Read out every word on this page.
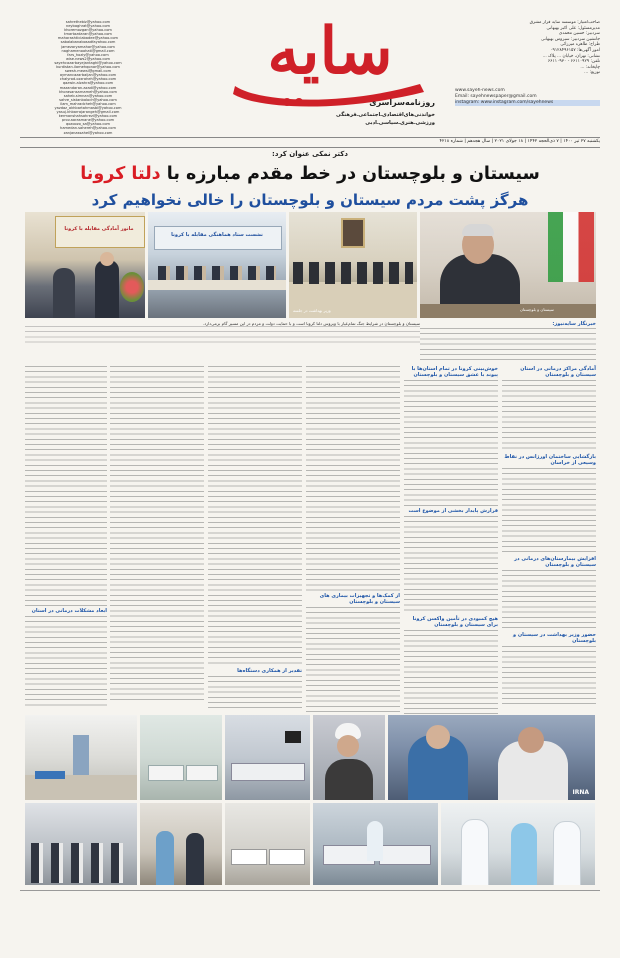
صاحب‌امتیاز: موسسه سایه فراز مشرق
مدیرمسئول: علی اکبر بهبهانی
سردبیر: حسین محمدی
جانشین سردبیر: سیروس بهبهانی
طراح: طاهره میرزائی
امور آگهی‌ها: ۰۹۱۲۸۴۹۶۱۵۷
نشانی: تهران، خیابان ... پلاک ...
تلفن: ۶۶۱۱۰۹۲۹ - ۶۶۱۱۰۹۳۰
چاپخانه: ...
توزیع: ...
www.sayeh-news.com
Email: sayehnewspaper@gmail.com
instagram: www.instagram.com/sayehnews
سایه
روزنامه‌سراسری
خواندنی‌های‌اقتصادی‌ـ‌اجتماعی‌ـ‌فرهنگی
ورزشی‌ـ‌هنری‌ـ‌سیاسی‌ـ‌ادبی
sahrethebiz@yahoo.com
neybaghrat@yahoo.com
khoremozgan@yahoo.com
tmartazdaran@yahoo.com
maharashticiabadee@yahoo.com
sabalabanabosadfayahoo.com
jamezaryamahar@yahoo.com
naghamenoohati@gmail.com
fars_hoziy@yahoo.com
wise.news2@yahoo.com
sayehcazarbayejantaghi@yahoo.com
kurdistan.ilamehqonar@yahoo.com
swesh.mewsi@gmail.com
aymancazarbaijan@yahoo.com
chalyrod.ozzraheh@yahoo.com
qazwin.alzahra@yahoo.com
mazandaran.azadi@yahoo.com
khorasansarnameh@yahoo.com
saheb.simnan@yahoo.com
sahre_sistanbaloch@yahoo.com
ilam_mahradcheh@yahoo.com
yazdaz_akhbartahmasbi@yahoo.com
yasuj.khbarrajarangeh@gmail.com
kermanshahsahrezi@yahoo.com
prov.aarasmane@yahoo.com
qozoozo_sa@yahoo.com
hamedan.sahereh@yahoo.com
zanjanassahel@yahoo.com
یکشنبه ۲۷ تیر ۱۴۰۰ | ۷ ذی‌الحجه ۱۴۴۲ | ۱۸ جولای ۲۰۲۱ | سال هجدهم | شماره ۴۲۱۸
دکتر نمکی عنوان کرد:
سیستان و بلوچستان در خط مقدم مبارزه با دلتا کرونا
هرگز پشت مردم سیستان و بلوچستان را خالی نخواهیم کرد
مانور آمادگی مقابله با کرونا
نشست ستاد هماهنگی مقابله با کرونا
وزیر بهداشت در جلسه	سیستان و بلوچستان
سیستان و بلوچستان در شرایط جنگ تمام‌عیار با ویروس دلتا کرونا است و با حمایت دولت و مردم در این مسیر گام برمی‌دارد.	خبرنگار سایه‌نیوز:
آمادگی مراکز درمانی در استان سیستان و بلوچستان
بازگشایی ساختمان اورژانس در نقاط وسیعی از خراسان
افزایش بیمارستان‌های درمانی در سیستان و بلوچستان
حضور وزیر بهداشت در سیستان و بلوچستان
خوش‌بینی کرونا در تمام استان‌ها با پیوند با عشق سیستان و بلوچستان
قرارش پایدار بخشی از موضوع است
هیچ کمبودی در تأمین واکسن کرونا برای سیستان و بلوچستان
از کمک‌ها و تجهیزات بیماری های سیستان و بلوچستان
تقدیر از همکاری دستگاه‌ها
ابعاد مشکلات درمانی در استان
IRNA
